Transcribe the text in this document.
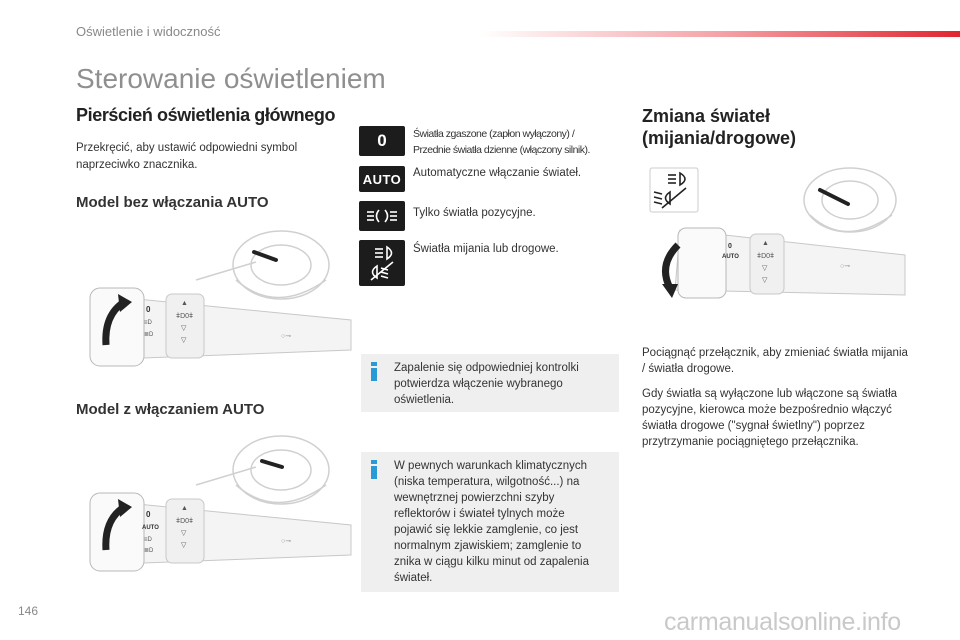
Oświetlenie i widoczność
Sterowanie oświetleniem
Pierścień oświetlenia głównego
Przekręcić, aby ustawić odpowiedni symbol naprzeciwko znacznika.
Model bez włączania AUTO
Model z włączaniem AUTO
0
≡D
≣D
▲
ǂD0ǂ
▽
▽
○⊸
0
AUTO
≡D
≣D
▲
ǂD0ǂ
▽
▽
○⊸
0	Światła zgaszone (zapłon wyłączony) /
Przednie światła dzienne (włączony silnik).
AUTO Automatyczne włączanie świateł.
Tylko światła pozycyjne.
Światła mijania lub drogowe.
Zapalenie się odpowiedniej kontrolki potwierdza włączenie wybranego oświetlenia.
W pewnych warunkach klimatycznych (niska temperatura, wilgotność...) na wewnętrznej powierzchni szyby reflektorów i świateł tylnych może pojawić się lekkie zamglenie, co jest normalnym zjawiskiem; zamglenie to znika w ciągu kilku minut od zapalenia świateł.
Zmiana świateł
(mijania/drogowe)
0
AUTO
▲
ǂD0ǂ
▽
▽
○⊸
Pociągnąć przełącznik, aby zmieniać światła mijania / światła drogowe.
Gdy światła są wyłączone lub włączone są światła pozycyjne, kierowca może bezpośrednio włączyć światła drogowe ("sygnał świetlny") poprzez przytrzymanie pociągniętego przełącznika.
146	carmanualsonline.info
